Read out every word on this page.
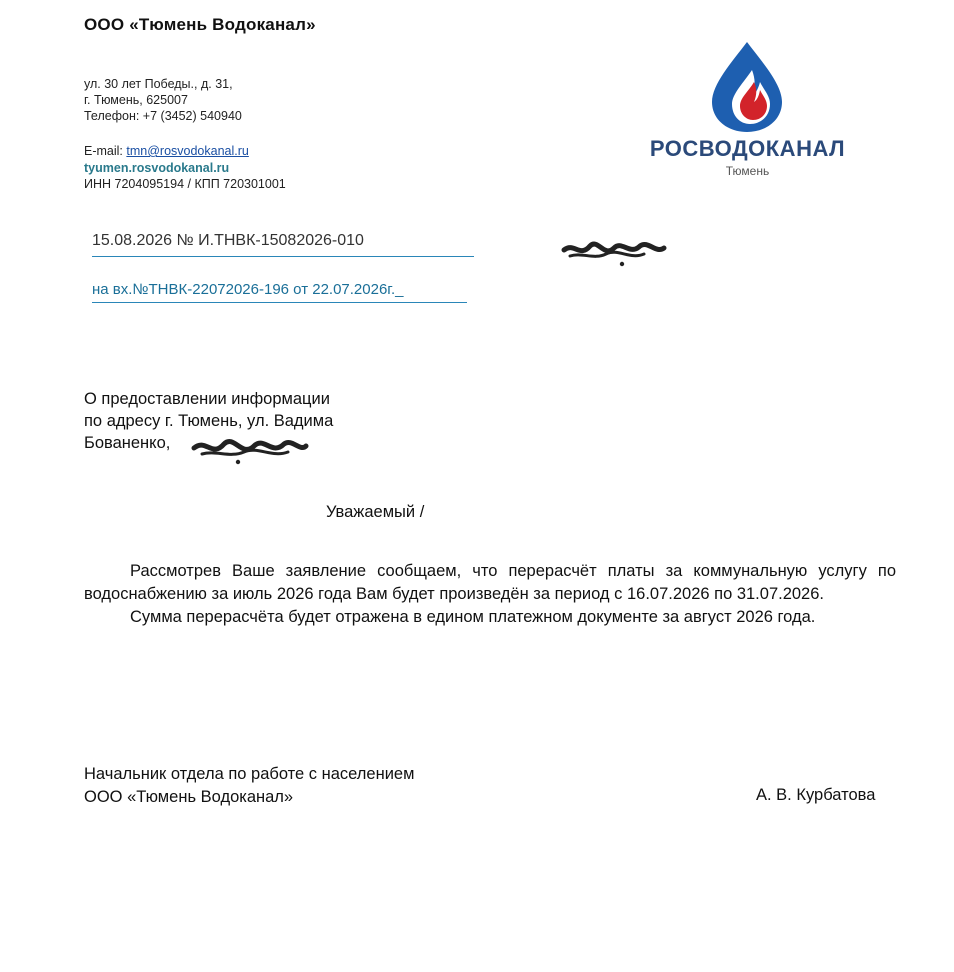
ООО «Тюмень Водоканал»
ул. 30 лет Победы., д. 31,
г. Тюмень, 625007
Телефон: +7 (3452) 540940
E-mail: tmn@rosvodokanal.ru
tyumen.rosvodokanal.ru
ИНН 7204095194 / КПП 720301001
РОСВОДОКАНАЛ
Тюмень
15.08.2026 № И.ТНВК-15082026-010
на вх.№ТНВК-22072026-196 от 22.07.2026г._
О предоставлении информации
по адресу г. Тюмень, ул. Вадима
Бованенко,
Уважаемый /

Рассмотрев Ваше заявление сообщаем, что перерасчёт платы за коммунальную услугу по водоснабжению за июль 2026 года Вам будет произведён за период с 16.07.2026 по 31.07.2026.

Сумма перерасчёта будет отражена в едином платежном документе за август 2026 года.

Начальник отдела по работе с населением
ООО «Тюмень Водоканал»	А. В. Курбатова
